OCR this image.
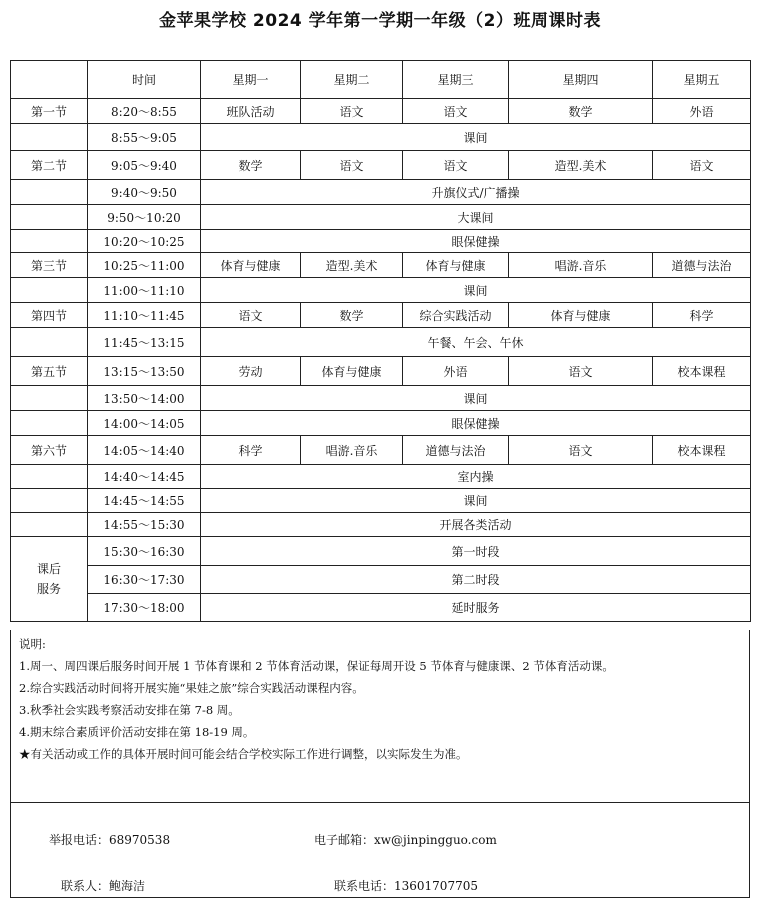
金苹果学校 2024 学年第一学期一年级（2）班周课时表
	时间	星期一	星期二	星期三	星期四	星期五
第一节	8:20～8:55	班队活动	语文	语文	数学	外语
	8:55～9:05	课间				
第二节	9:05～9:40	数学	语文	语文	造型.美术	语文
	9:40～9:50	升旗仪式/广播操				
	9:50～10:20	大课间				
	10:20～10:25	眼保健操				
第三节	10:25～11:00	体育与健康	造型.美术	体育与健康	唱游.音乐	道德与法治
	11:00～11:10	课间				
第四节	11:10～11:45	语文	数学	综合实践活动	体育与健康	科学
	11:45～13:15	午餐、午会、午休				
第五节	13:15～13:50	劳动	体育与健康	外语	语文	校本课程
	13:50～14:00	课间				
	14:00～14:05	眼保健操				
第六节	14:05～14:40	科学	唱游.音乐	道德与法治	语文	校本课程
	14:40～14:45	室内操				
	14:45～14:55	课间				
	14:55～15:30	开展各类活动				

课后
服务	15:30～16:30	第一时段				
	16:30～17:30	第二时段				
	17:30～18:00	延时服务				
说明:
1.周一、周四课后服务时间开展 1 节体育课和 2 节体育活动课，保证每周开设 5 节体育与健康课、2 节体育活动课。
2.综合实践活动时间将开展实施“果娃之旅”综合实践活动课程内容。
3.秋季社会实践考察活动安排在第 7-8 周。
4.期末综合素质评价活动安排在第 18-19 周。
★有关活动或工作的具体开展时间可能会结合学校实际工作进行调整，以实际发生为准。
举报电话：68970538	电子邮箱：xw@jinpingguo.com
联系人：鲍海洁	联系电话：13601707705
